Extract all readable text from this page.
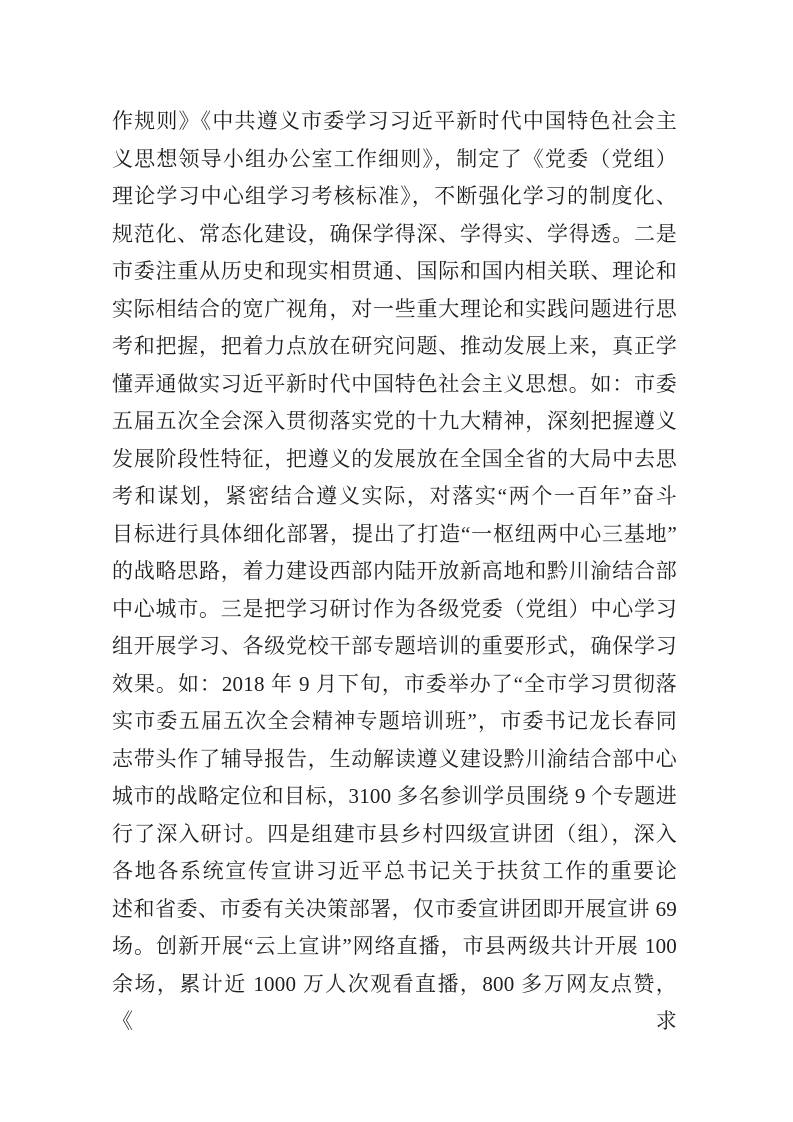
作规则》《中共遵义市委学习习近平新时代中国特色社会主
义思想领导小组办公室工作细则》，制定了《党委（党组）
理论学习中心组学习考核标准》，不断强化学习的制度化、
规范化、常态化建设，确保学得深、学得实、学得透。二是
市委注重从历史和现实相贯通、国际和国内相关联、理论和
实际相结合的宽广视角，对一些重大理论和实践问题进行思
考和把握，把着力点放在研究问题、推动发展上来，真正学
懂弄通做实习近平新时代中国特色社会主义思想。如：市委
五届五次全会深入贯彻落实党的十九大精神，深刻把握遵义
发展阶段性特征，把遵义的发展放在全国全省的大局中去思
考和谋划，紧密结合遵义实际，对落实“两个一百年”奋斗
目标进行具体细化部署，提出了打造“一枢纽两中心三基地”
的战略思路，着力建设西部内陆开放新高地和黔川渝结合部
中心城市。三是把学习研讨作为各级党委（党组）中心学习
组开展学习、各级党校干部专题培训的重要形式，确保学习
效果。如：2018 年 9 月下旬，市委举办了“全市学习贯彻落
实市委五届五次全会精神专题培训班”，市委书记龙长春同
志带头作了辅导报告，生动解读遵义建设黔川渝结合部中心
城市的战略定位和目标，3100 多名参训学员围绕 9 个专题进
行了深入研讨。四是组建市县乡村四级宣讲团（组），深入
各地各系统宣传宣讲习近平总书记关于扶贫工作的重要论
述和省委、市委有关决策部署，仅市委宣讲团即开展宣讲 69
场。创新开展“云上宣讲”网络直播，市县两级共计开展 100
余场，累计近 1000 万人次观看直播，800 多万网友点赞，《求
